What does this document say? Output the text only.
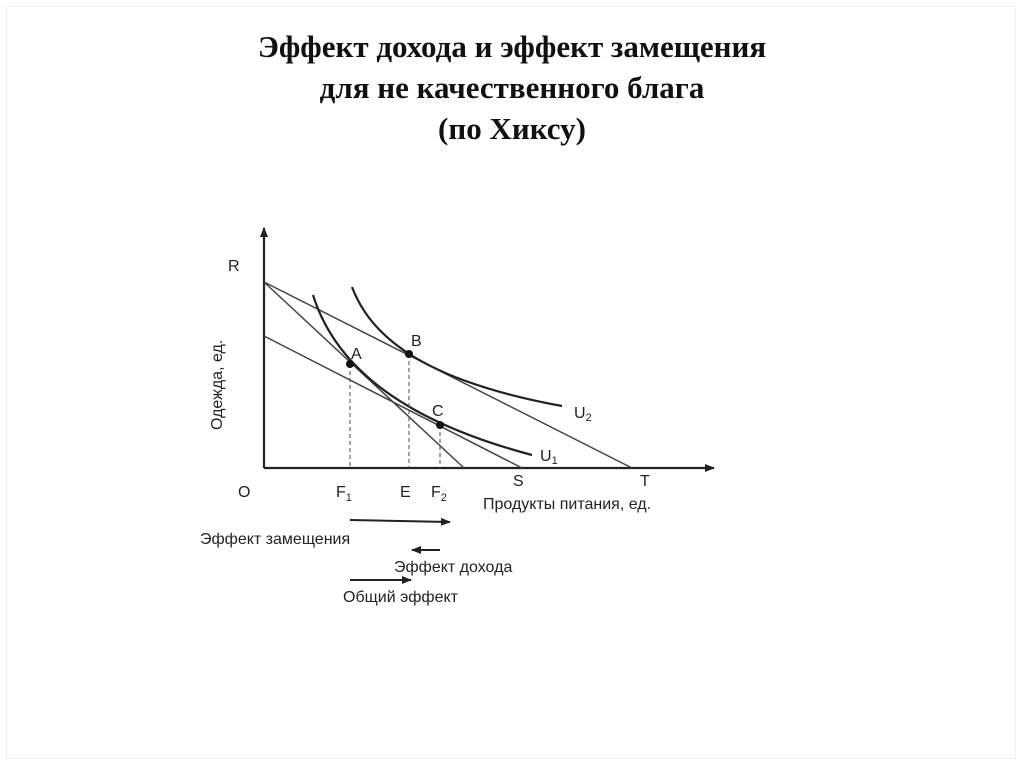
Эффект дохода и эффект замещения
для не качественного блага
(по Хиксу)
A
B
C
Одежда, ед.
R
O	$F_1$	E $F_2$
S	T
Продукты питания, ед.
U2
U1
Эффект замещения
Эффект дохода
Общий эффект
